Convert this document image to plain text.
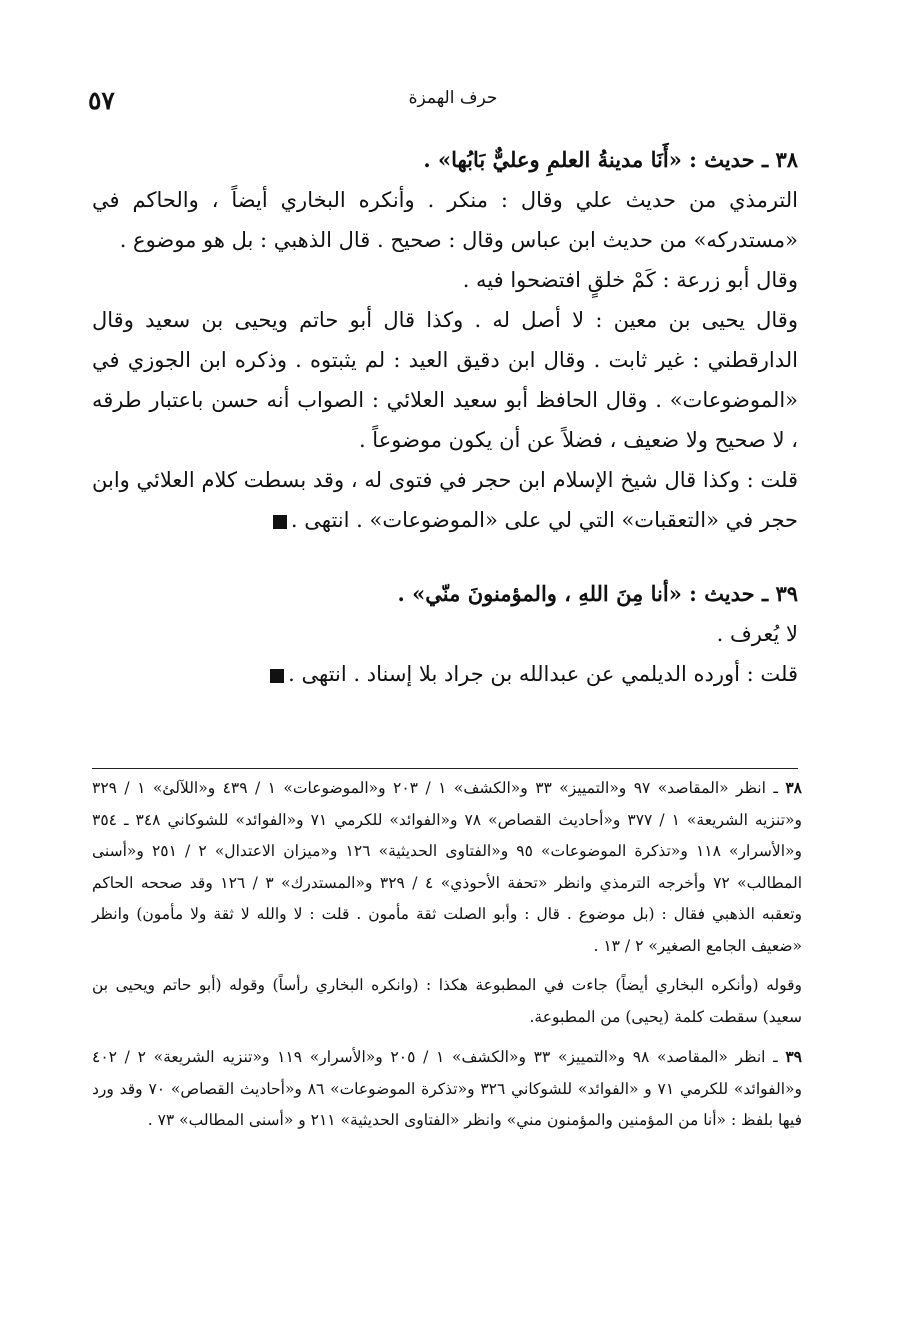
حرف الهمزة
٥٧

٣٨ ـ حديث : «أَنَا مدينةُ العلمِ وعليٌّ بَابُها» .

الترمذي من حديث علي وقال : منكر . وأنكره البخاري أيضاً ، والحاكم في «مستدركه» من حديث ابن عباس وقال : صحيح . قال الذهبي : بل هو موضوع .

وقال أبو زرعة : كَمْ خلقٍ افتضحوا فيه .

وقال يحيى بن معين : لا أصل له . وكذا قال أبو حاتم ويحيى بن سعيد وقال الدارقطني : غير ثابت . وقال ابن دقيق العيد : لم يثبتوه . وذكره ابن الجوزي في «الموضوعات» . وقال الحافظ أبو سعيد العلائي : الصواب أنه حسن باعتبار طرقه ، لا صحيح ولا ضعيف ، فضلاً عن أن يكون موضوعاً .

قلت : وكذا قال شيخ الإسلام ابن حجر في فتوى له ، وقد بسطت كلام العلائي وابن حجر في «التعقبات» التي لي على «الموضوعات» . انتهى .

٣٩ ـ حديث : «أنا مِنَ اللهِ ، والمؤمنونَ منّي» .

لا يُعرف .

قلت : أورده الديلمي عن عبدالله بن جراد بلا إسناد . انتهى .

٣٨ ـ انظر «المقاصد» ٩٧ و«التمييز» ٣٣ و«الكشف» ١ / ٢٠٣ و«الموضوعات» ١ / ٤٣٩ و«اللآلئ» ١ / ٣٢٩ و«تنزيه الشريعة» ١ / ٣٧٧ و«أحاديث القصاص» ٧٨ و«الفوائد» للكرمي ٧١ و«الفوائد» للشوكاني ٣٤٨ ـ ٣٥٤ و«الأسرار» ١١٨ و«تذكرة الموضوعات» ٩٥ و«الفتاوى الحديثية» ١٢٦ و«ميزان الاعتدال» ٢ / ٢٥١ و«أسنى المطالب» ٧٢ وأخرجه الترمذي وانظر «تحفة الأحوذي» ٤ / ٣٢٩ و«المستدرك» ٣ / ١٢٦ وقد صححه الحاكم وتعقبه الذهبي فقال : (بل موضوع . قال : وأبو الصلت ثقة مأمون . قلت : لا والله لا ثقة ولا مأمون) وانظر «ضعيف الجامع الصغير» ٢ / ١٣ .

وقوله (وأنكره البخاري أيضاً) جاءت في المطبوعة هكذا : (وانكره البخاري رأساً) وقوله (أبو حاتم ويحيى بن سعيد) سقطت كلمة (يحيى) من المطبوعة.

٣٩ ـ انظر «المقاصد» ٩٨ و«التمييز» ٣٣ و«الكشف» ١ / ٢٠٥ و«الأسرار» ١١٩ و«تنزيه الشريعة» ٢ / ٤٠٢ و«الفوائد» للكرمي ٧١ و «الفوائد» للشوكاني ٣٢٦ و«تذكرة الموضوعات» ٨٦ و«أحاديث القصاص» ٧٠ وقد ورد فيها بلفظ : «أنا من المؤمنين والمؤمنون مني» وانظر «الفتاوى الحديثية» ٢١١ و «أسنى المطالب» ٧٣ .
